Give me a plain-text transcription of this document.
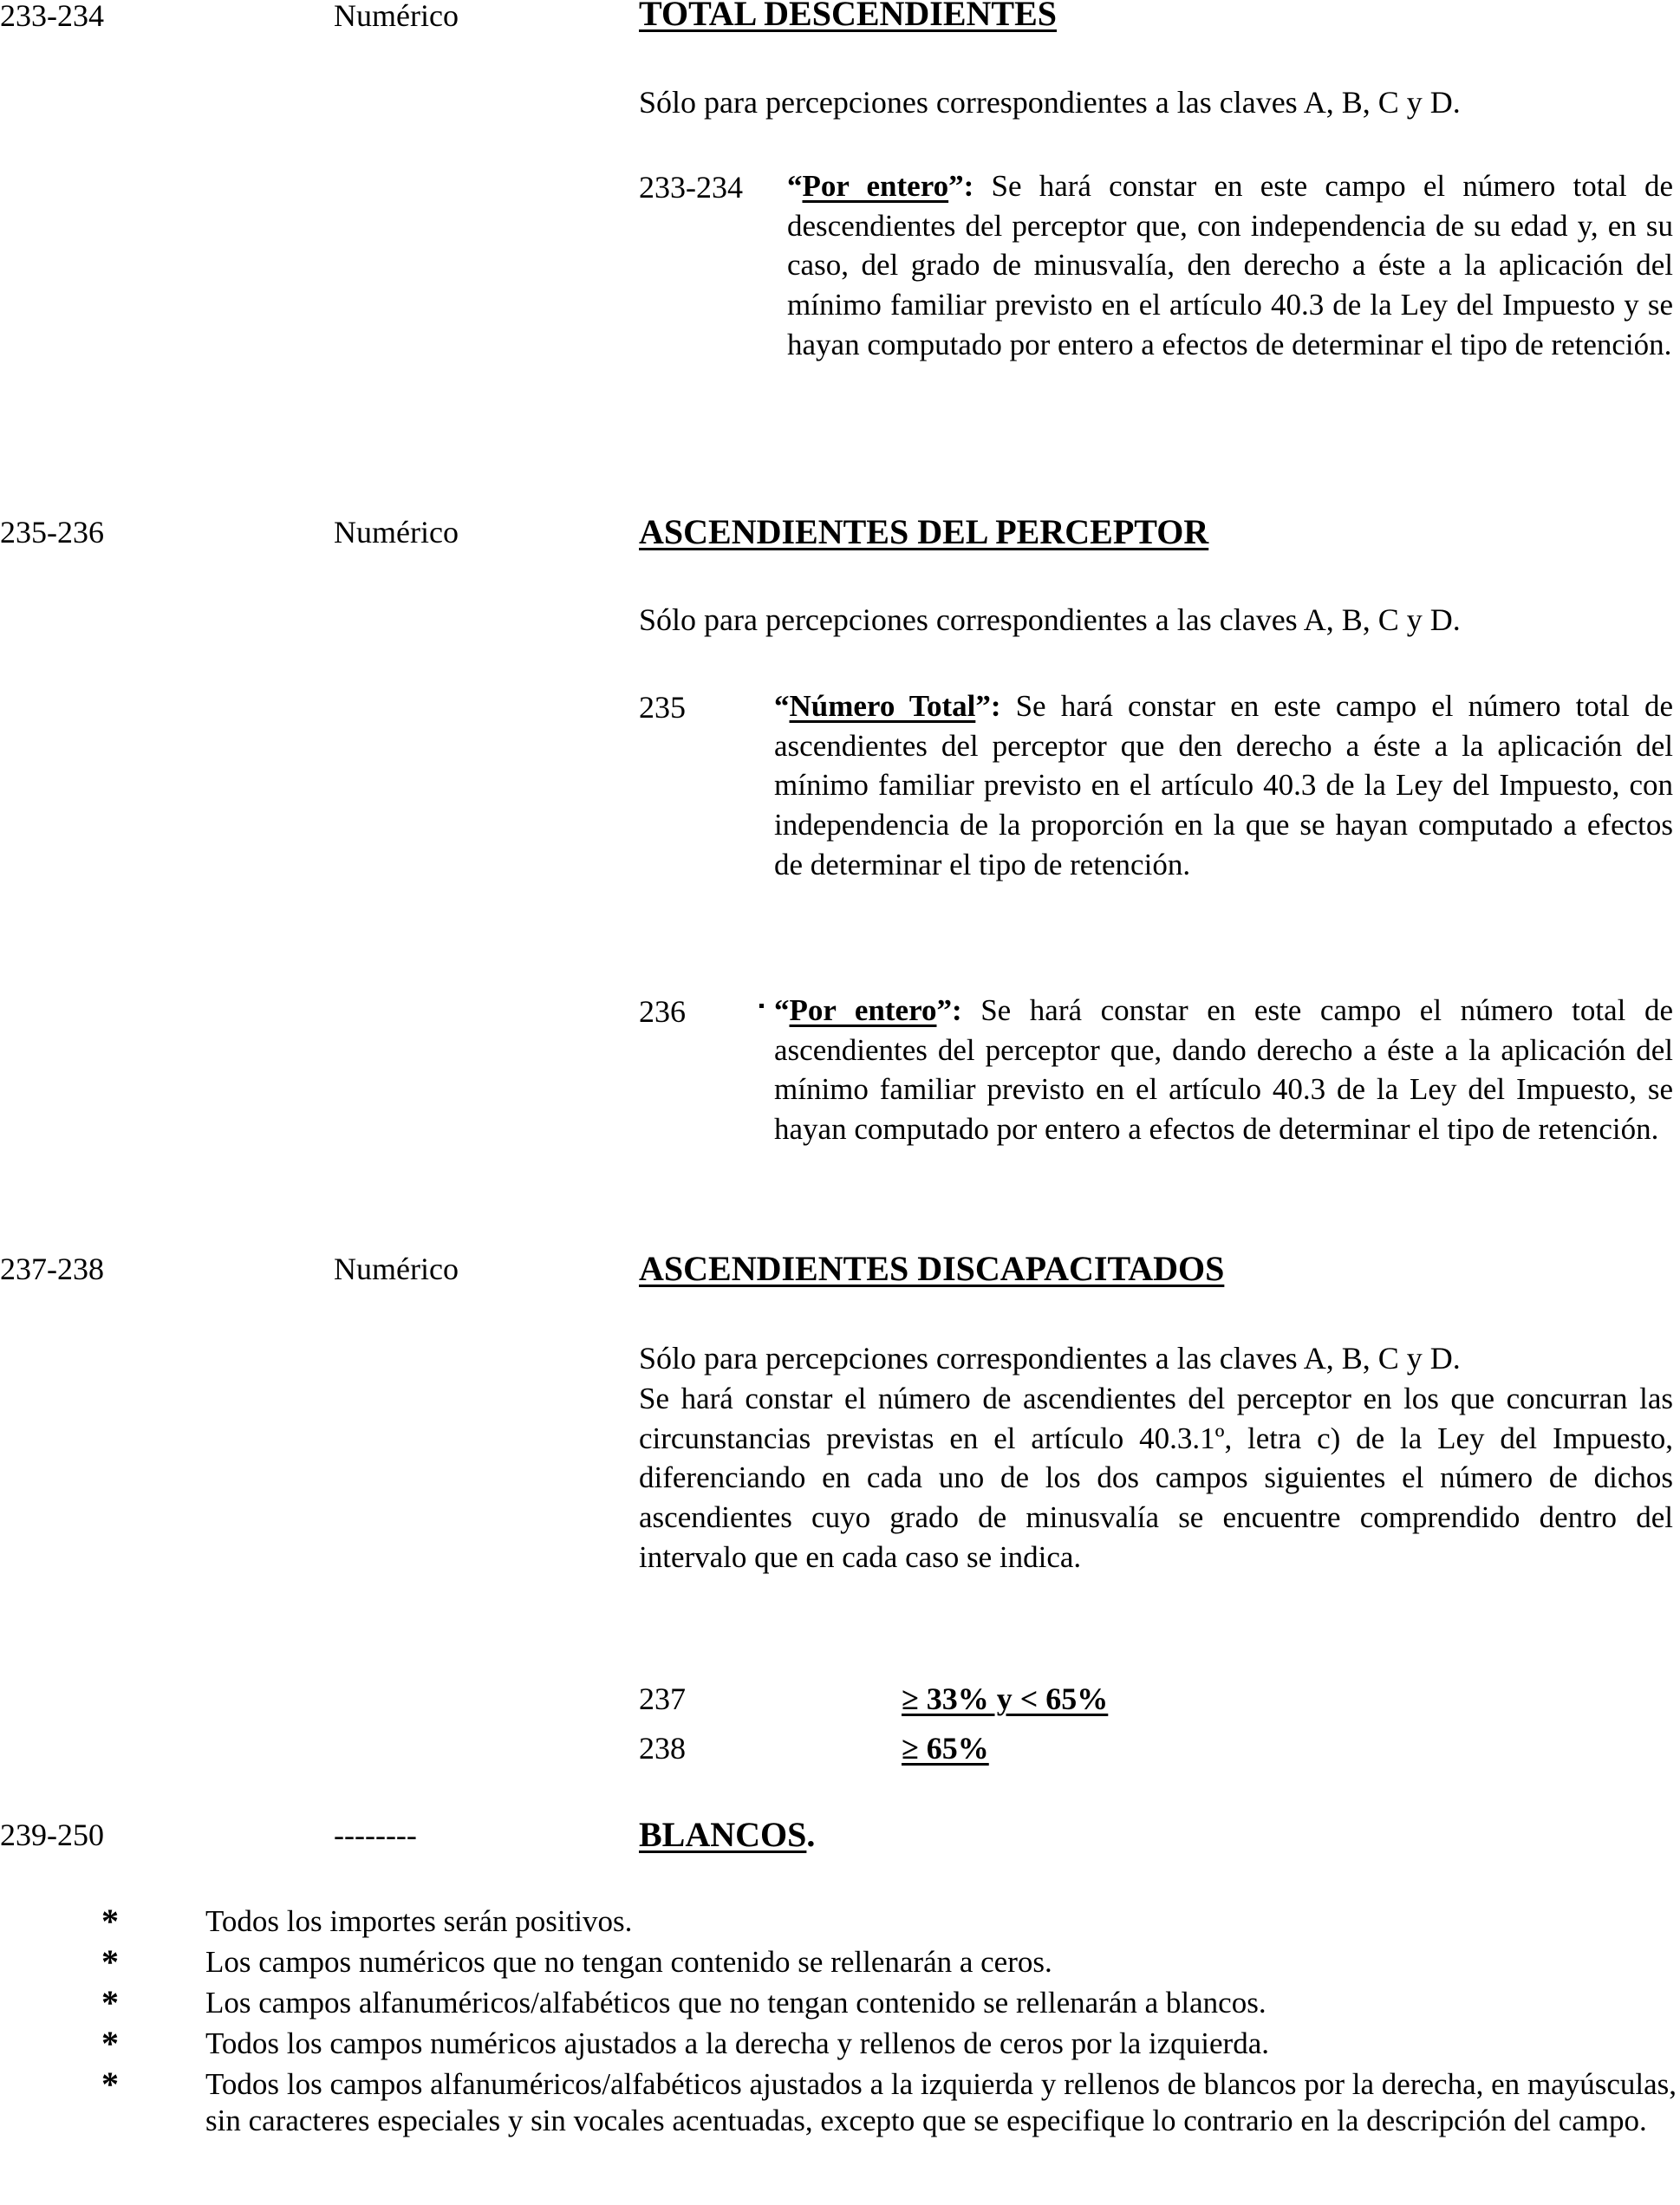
233-234	Numérico	TOTAL DESCENDIENTES
Sólo para percepciones correspondientes a las claves A, B, C y D.
233-234 “Por entero”: Se hará constar en este campo el número total de descendientes del perceptor que, con independencia de su edad y, en su caso, del grado de minusvalía, den derecho a éste a la aplicación del mínimo familiar previsto en el artículo 40.3 de la Ley del Impuesto y se hayan computado por entero a efectos de determinar el tipo de retención.
235-236	Numérico	ASCENDIENTES DEL PERCEPTOR
Sólo para percepciones correspondientes a las claves A, B, C y D.
235	“Número Total”: Se hará constar en este campo el número total de ascendientes del perceptor que den derecho a éste a la aplicación del mínimo familiar previsto en el artículo 40.3 de la Ley del Impuesto, con independencia de la proporción en la que se hayan computado a efectos de determinar el tipo de retención.
236	“Por entero”: Se hará constar en este campo el número total de ascendientes del perceptor que, dando derecho a éste a la aplicación del mínimo familiar previsto en el artículo 40.3 de la Ley del Impuesto, se hayan computado por entero a efectos de determinar el tipo de retención.
237-238	Numérico	ASCENDIENTES DISCAPACITADOS
Sólo para percepciones correspondientes a las claves A, B, C y D.
Se hará constar el número de ascendientes del perceptor en los que concurran las circunstancias previstas en el artículo 40.3.1º, letra c) de la Ley del Impuesto, diferenciando en cada uno de los dos campos siguientes el número de dichos ascendientes cuyo grado de minusvalía se encuentre comprendido dentro del intervalo que en cada caso se indica.
237	≥ 33% y < 65%
238	≥ 65%
239-250	--------	BLANCOS.
*	Todos los importes serán positivos.
*	Los campos numéricos que no tengan contenido se rellenarán a ceros.
*	Los campos alfanuméricos/alfabéticos que no tengan contenido se rellenarán a blancos.
*	Todos los campos numéricos ajustados a la derecha y rellenos de ceros por la izquierda.
*	Todos los campos alfanuméricos/alfabéticos ajustados a la izquierda y rellenos de blancos por la derecha, en mayúsculas, sin caracteres especiales y sin vocales acentuadas, excepto que se especifique lo contrario en la descripción del campo.
